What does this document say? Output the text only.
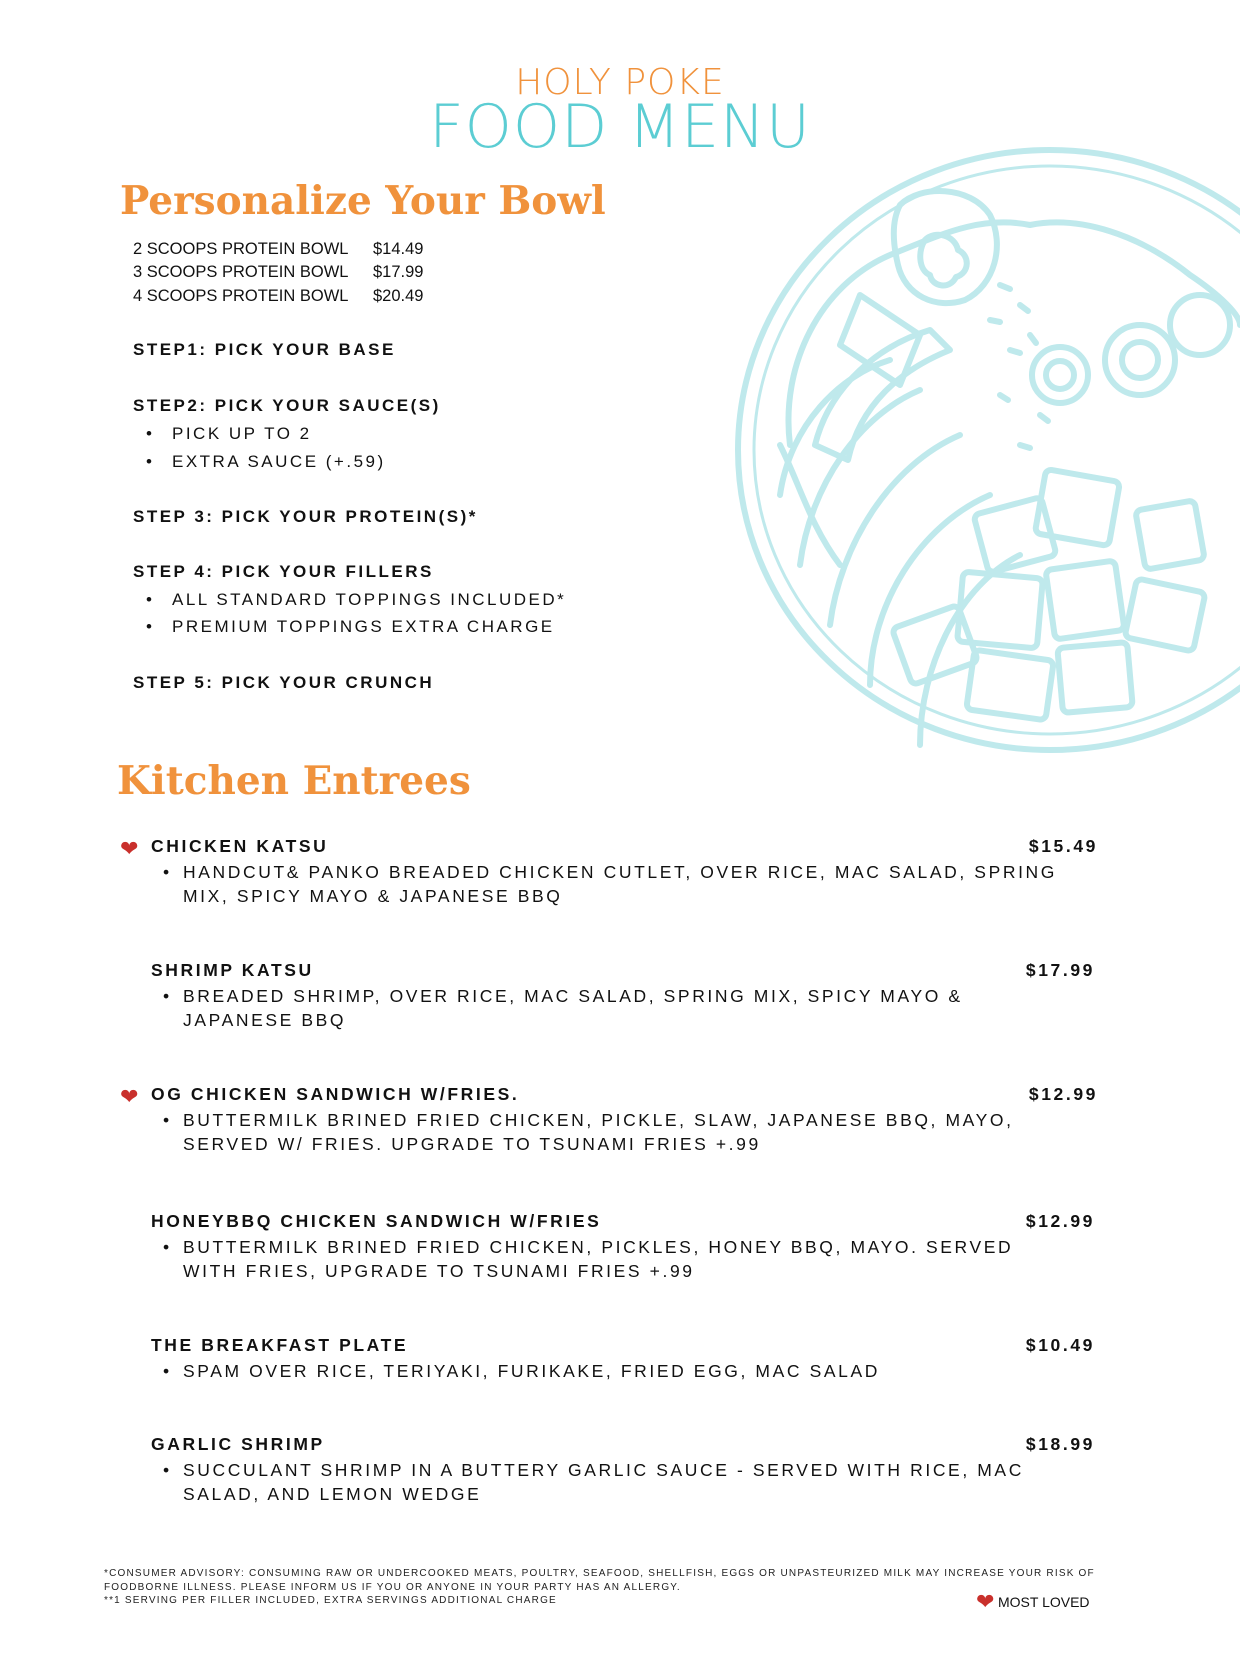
HOLY POKE
FOOD MENU
Personalize Your Bowl
2 SCOOPS PROTEIN BOWL $14.49
3 SCOOPS PROTEIN BOWL $17.99
4 SCOOPS PROTEIN BOWL $20.49
STEP1: PICK YOUR BASE
STEP2: PICK YOUR SAUCE(S)
• PICK UP TO 2
• EXTRA SAUCE (+.59)
STEP 3: PICK YOUR PROTEIN(S)*
STEP 4: PICK YOUR FILLERS
• ALL STANDARD TOPPINGS INCLUDED*
• PREMIUM TOPPINGS EXTRA CHARGE
STEP 5: PICK YOUR CRUNCH
Kitchen Entrees
❤ CHICKEN KATSU	$15.49
• HANDCUT& PANKO BREADED CHICKEN CUTLET, OVER RICE, MAC SALAD, SPRING
MIX, SPICY MAYO & JAPANESE BBQ
SHRIMP KATSU	$17.99
• BREADED SHRIMP, OVER RICE, MAC SALAD, SPRING MIX, SPICY MAYO &
JAPANESE BBQ
❤ OG CHICKEN SANDWICH W/FRIES.	$12.99
• BUTTERMILK BRINED FRIED CHICKEN, PICKLE, SLAW, JAPANESE BBQ, MAYO,
SERVED W/ FRIES. UPGRADE TO TSUNAMI FRIES +.99
HONEYBBQ CHICKEN SANDWICH W/FRIES	$12.99
• BUTTERMILK BRINED FRIED CHICKEN, PICKLES, HONEY BBQ, MAYO. SERVED
WITH FRIES, UPGRADE TO TSUNAMI FRIES +.99
THE BREAKFAST PLATE	$10.49
• SPAM OVER RICE, TERIYAKI, FURIKAKE, FRIED EGG, MAC SALAD
GARLIC SHRIMP	$18.99
• SUCCULANT SHRIMP IN A BUTTERY GARLIC SAUCE - SERVED WITH RICE, MAC
SALAD, AND LEMON WEDGE
*CONSUMER ADVISORY: CONSUMING RAW OR UNDERCOOKED MEATS, POULTRY, SEAFOOD, SHELLFISH, EGGS OR UNPASTEURIZED MILK MAY INCREASE YOUR RISK OF
FOODBORNE ILLNESS. PLEASE INFORM US IF YOU OR ANYONE IN YOUR PARTY HAS AN ALLERGY.
**1 SERVING PER FILLER INCLUDED, EXTRA SERVINGS ADDITIONAL CHARGE	❤ MOST LOVED
